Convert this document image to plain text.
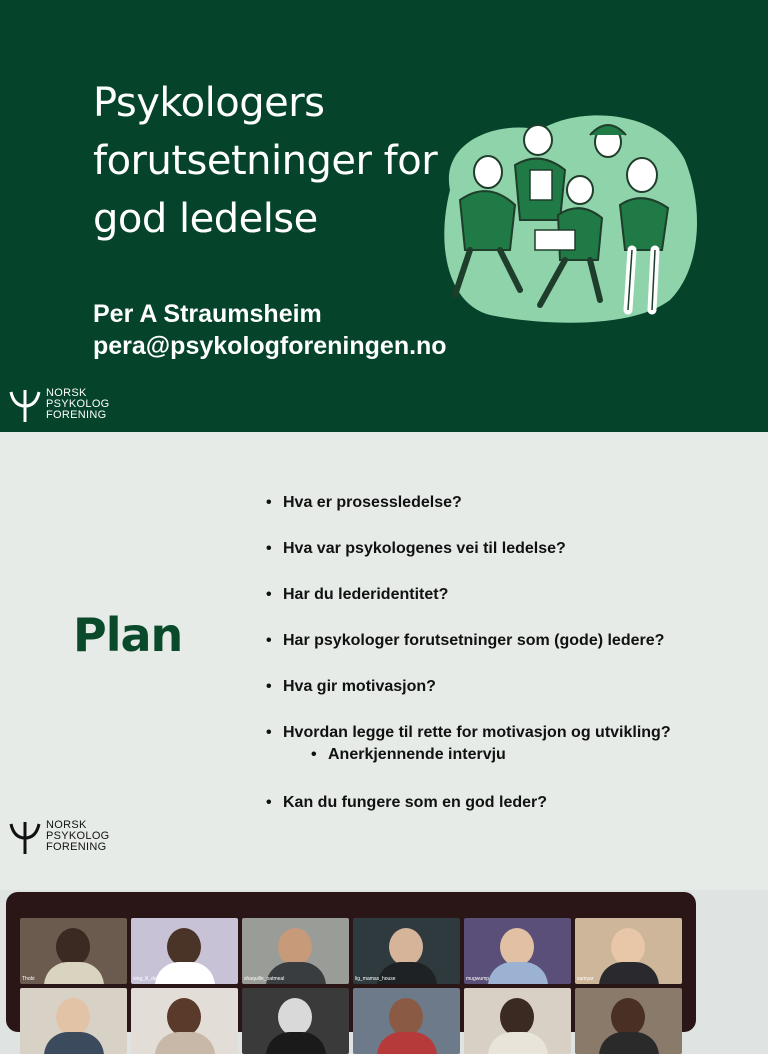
Psykologers
forutsetninger for
god ledelse
Per A Straumsheim
pera@psykologforeningen.no
NORSK
PSYKOLOG
FORENING
Plan
• Hva er prosessledelse?
• Hva var psykologenes vei til ledelse?
• Har du lederidentitet?
• Har psykologer forutsetninger som (gode) ledere?
• Hva gir motivasjon?
• Hvordan legge til rette for motivasjon og utvikling?
• Anerkjennende intervju
• Kan du fungere som en god leder?
NORSK
PSYKOLOG
FORENING
Thobi	sing_lil_dab_quan	shaquille_oatmeal	lig_mamas_house	mugwump	samyar
